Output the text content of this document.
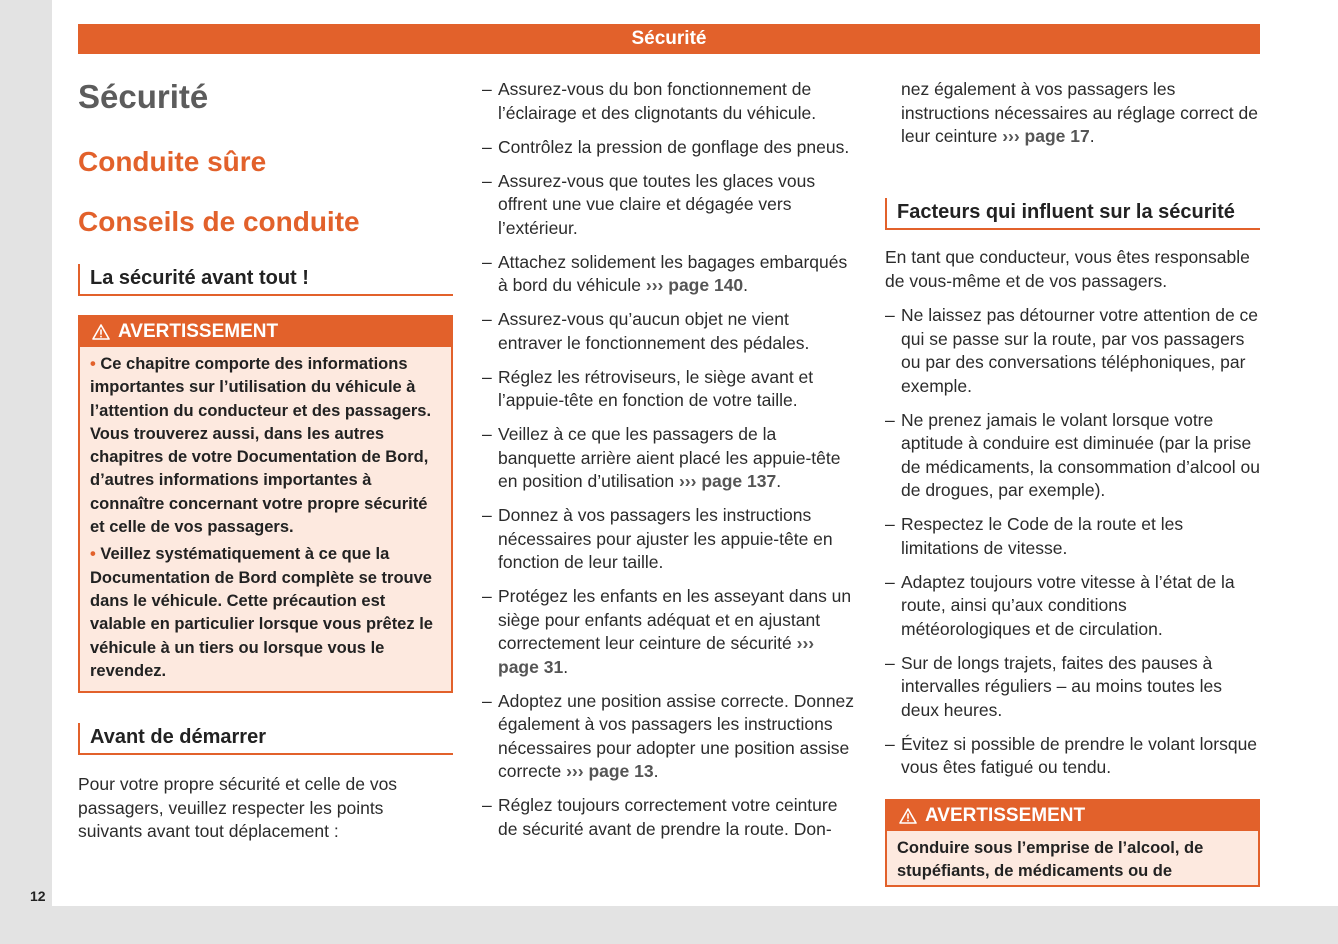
12
Sécurité
Sécurité
Conduite sûre
Conseils de conduite
La sécurité avant tout !
AVERTISSEMENT

• Ce chapitre comporte des informations importantes sur l’utilisation du véhicule à l’attention du conducteur et des passagers. Vous trouverez aussi, dans les autres chapitres de votre Documentation de Bord, d’autres informations importantes à connaître concernant votre propre sécurité et celle de vos passagers.

• Veillez systématiquement à ce que la Documentation de Bord complète se trouve dans le véhicule. Cette précaution est valable en particulier lorsque vous prêtez le véhicule à un tiers ou lorsque vous le revendez.

Avant de démarrer
Pour votre propre sécurité et celle de vos passagers, veuillez respecter les points suivants avant tout déplacement :
– Assurez-vous du bon fonctionnement de l’éclairage et des clignotants du véhicule.
– Contrôlez la pression de gonflage des pneus.
– Assurez-vous que toutes les glaces vous offrent une vue claire et dégagée vers l’extérieur.
– Attachez solidement les bagages embarqués à bord du véhicule ››› page 140.
– Assurez-vous qu’aucun objet ne vient entraver le fonctionnement des pédales.
– Réglez les rétroviseurs, le siège avant et l’appuie-tête en fonction de votre taille.
– Veillez à ce que les passagers de la banquette arrière aient placé les appuie-tête en position d’utilisation ››› page 137.
– Donnez à vos passagers les instructions nécessaires pour ajuster les appuie-tête en fonction de leur taille.
– Protégez les enfants en les asseyant dans un siège pour enfants adéquat et en ajustant correctement leur ceinture de sécurité ››› page 31.
– Adoptez une position assise correcte. Donnez également à vos passagers les instructions nécessaires pour adopter une position assise correcte ››› page 13.
– Réglez toujours correctement votre ceinture de sécurité avant de prendre la route. Don-
nez également à vos passagers les instructions nécessaires au réglage correct de leur ceinture ››› page 17.
Facteurs qui influent sur la sécurité
En tant que conducteur, vous êtes responsable de vous-même et de vos passagers.
– Ne laissez pas détourner votre attention de ce qui se passe sur la route, par vos passagers ou par des conversations téléphoniques, par exemple.
– Ne prenez jamais le volant lorsque votre aptitude à conduire est diminuée (par la prise de médicaments, la consommation d’alcool ou de drogues, par exemple).
– Respectez le Code de la route et les limitations de vitesse.
– Adaptez toujours votre vitesse à l’état de la route, ainsi qu’aux conditions météorologiques et de circulation.
– Sur de longs trajets, faites des pauses à intervalles réguliers – au moins toutes les deux heures.
– Évitez si possible de prendre le volant lorsque vous êtes fatigué ou tendu.
AVERTISSEMENT

Conduire sous l’emprise de l’alcool, de stupéfiants, de médicaments ou de
